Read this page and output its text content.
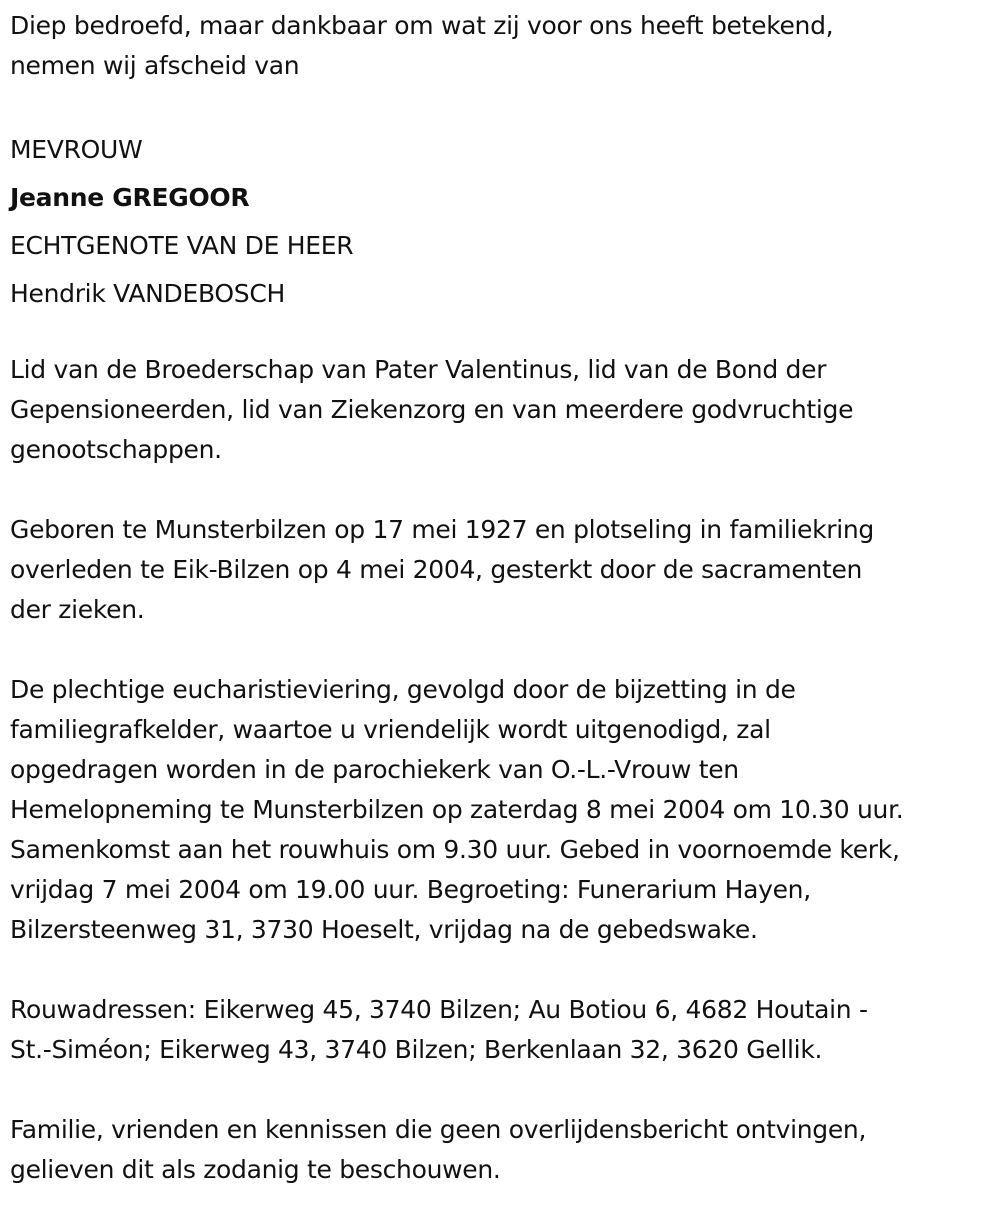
Diep bedroefd, maar dankbaar om wat zij voor ons heeft betekend,
nemen wij afscheid van
MEVROUW
Jeanne GREGOOR
ECHTGENOTE VAN DE HEER
Hendrik VANDEBOSCH
Lid van de Broederschap van Pater Valentinus, lid van de Bond der
Gepensioneerden, lid van Ziekenzorg en van meerdere godvruchtige
genootschappen.
Geboren te Munsterbilzen op 17 mei 1927 en plotseling in familiekring
overleden te Eik-Bilzen op 4 mei 2004, gesterkt door de sacramenten
der zieken.
De plechtige eucharistieviering, gevolgd door de bijzetting in de
familiegrafkelder, waartoe u vriendelijk wordt uitgenodigd, zal
opgedragen worden in de parochiekerk van O.-L.-Vrouw ten
Hemelopneming te Munsterbilzen op zaterdag 8 mei 2004 om 10.30 uur.
Samenkomst aan het rouwhuis om 9.30 uur. Gebed in voornoemde kerk,
vrijdag 7 mei 2004 om 19.00 uur. Begroeting: Funerarium Hayen,
Bilzersteenweg 31, 3730 Hoeselt, vrijdag na de gebedswake.
Rouwadressen: Eikerweg 45, 3740 Bilzen; Au Botiou 6, 4682 Houtain -
St.-Siméon; Eikerweg 43, 3740 Bilzen; Berkenlaan 32, 3620 Gellik.
Familie, vrienden en kennissen die geen overlijdensbericht ontvingen,
gelieven dit als zodanig te beschouwen.
